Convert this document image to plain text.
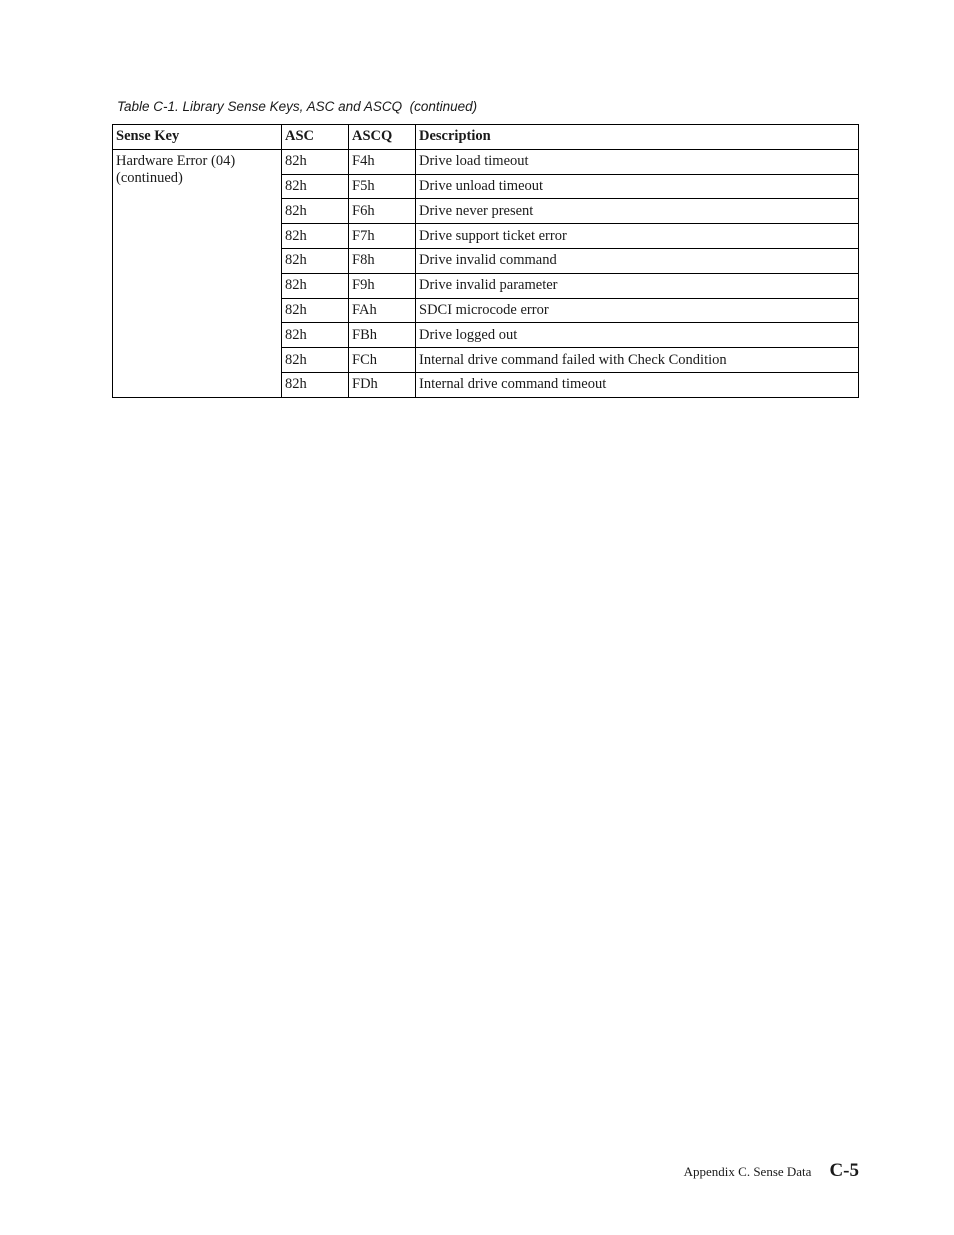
Table C-1. Library Sense Keys, ASC and ASCQ  (continued)
Sense Key	ASC	ASCQ	Description
Hardware Error (04)
(continued)	82h	F4h	Drive load timeout
	82h	F5h	Drive unload timeout
	82h	F6h	Drive never present
	82h	F7h	Drive support ticket error
	82h	F8h	Drive invalid command
	82h	F9h	Drive invalid parameter
	82h	FAh	SDCI microcode error
	82h	FBh	Drive logged out
	82h	FCh	Internal drive command failed with Check Condition
	82h	FDh	Internal drive command timeout
Appendix C. Sense Data C-5
